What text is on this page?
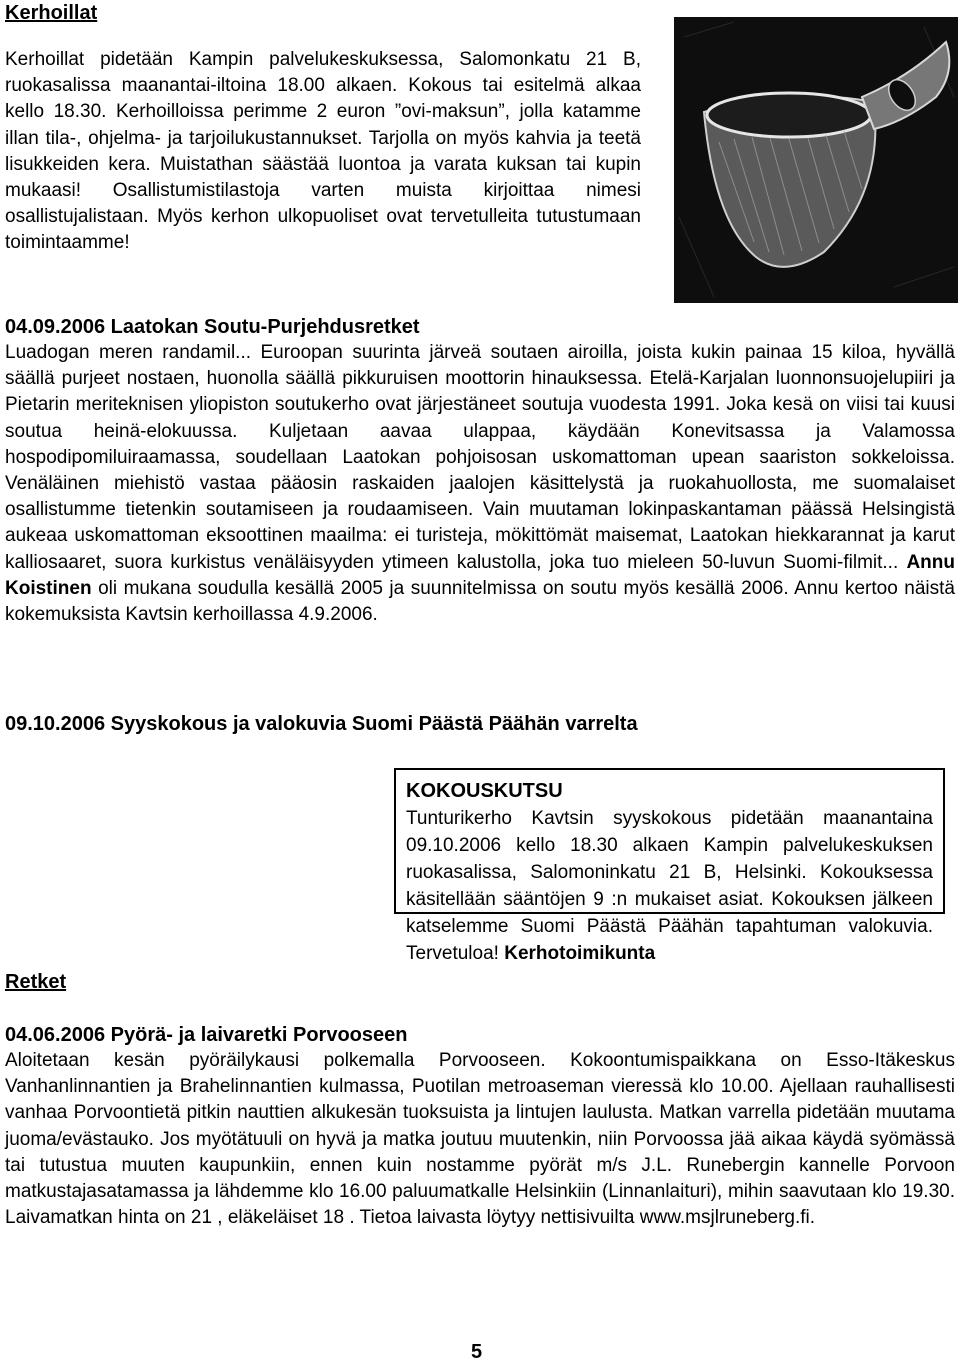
Kerhoillat

Kerhoillat pidetään Kampin palvelukeskuksessa, Salomonkatu 21 B, ruokasalissa maanantai-iltoina 18.00 alkaen. Kokous tai esitelmä alkaa kello 18.30. Kerhoilloissa perimme 2 euron ”ovi-maksun”, jolla katamme illan tila-, ohjelma- ja tarjoilukustannukset. Tarjolla on myös kahvia ja teetä lisukkeiden kera. Muistathan säästää luontoa ja varata kuksan tai kupin mukaasi! Osallistumistilastoja varten muista kirjoittaa nimesi osallistujalistaan. Myös kerhon ulkopuoliset ovat tervetulleita tutustumaan toimintaamme!

04.09.2006 Laatokan Soutu-Purjehdusretket

Luadogan meren randamil... Euroopan suurinta järveä soutaen airoilla, joista kukin painaa 15 kiloa, hyvällä säällä purjeet nostaen, huonolla säällä pikkuruisen moottorin hinauksessa. Etelä-Karjalan luonnonsuojelupiiri ja Pietarin meriteknisen yliopiston soutukerho ovat järjestäneet soutuja vuodesta 1991. Joka kesä on viisi tai kuusi soutua heinä-elokuussa. Kuljetaan aavaa ulappaa, käydään Konevitsassa ja Valamossa hospodipomiluiraamassa, soudellaan Laatokan pohjoisosan uskomattoman upean saariston sokkeloissa. Venäläinen miehistö vastaa pääosin raskaiden jaalojen käsittelystä ja ruokahuollosta, me suomalaiset osallistumme tietenkin soutamiseen ja roudaamiseen. Vain muutaman lokinpaskantaman päässä Helsingistä aukeaa uskomattoman eksoottinen maailma: ei turisteja, mökittömät maisemat, Laatokan hiekkarannat ja karut kalliosaaret, suora kurkistus venäläisyyden ytimeen kalustolla, joka tuo mieleen 50-luvun Suomi-filmit... Annu Koistinen oli mukana soudulla kesällä 2005 ja suunnitelmissa on soutu myös kesällä 2006. Annu kertoo näistä kokemuksista Kavtsin kerhoillassa 4.9.2006.

09.10.2006 Syyskokous ja valokuvia Suomi Päästä Päähän varrelta

KOKOUSKUTSU

Tunturikerho Kavtsin syyskokous pidetään maanantaina 09.10.2006 kello 18.30 alkaen Kampin palvelukeskuksen ruokasalissa, Salomoninkatu 21 B, Helsinki. Kokouksessa käsitellään sääntöjen 9 :n mukaiset asiat. Kokouksen jälkeen katselemme Suomi Päästä Päähän tapahtuman valokuvia. Tervetuloa! Kerhotoimikunta

Retket

04.06.2006 Pyörä- ja laivaretki Porvooseen

Aloitetaan kesän pyöräilykausi polkemalla Porvooseen. Kokoontumispaikkana on Esso-Itäkeskus Vanhanlinnantien ja Brahelinnantien kulmassa, Puotilan metroaseman vieressä klo 10.00. Ajellaan rauhallisesti vanhaa Porvoontietä pitkin nauttien alkukesän tuoksuista ja lintujen laulusta. Matkan varrella pidetään muutama juoma/evästauko. Jos myötätuuli on hyvä ja matka joutuu muutenkin, niin Porvoossa jää aikaa käydä syömässä tai tutustua muuten kaupunkiin, ennen kuin nostamme pyörät m/s J.L. Runebergin kannelle Porvoon matkustajasatamassa ja lähdemme klo 16.00 paluumatkalle Helsinkiin (Linnanlaituri), mihin saavutaan klo 19.30. Laivamatkan hinta on 21 , eläkeläiset 18 . Tietoa laivasta löytyy nettisivuilta www.msjlruneberg.fi.

5
